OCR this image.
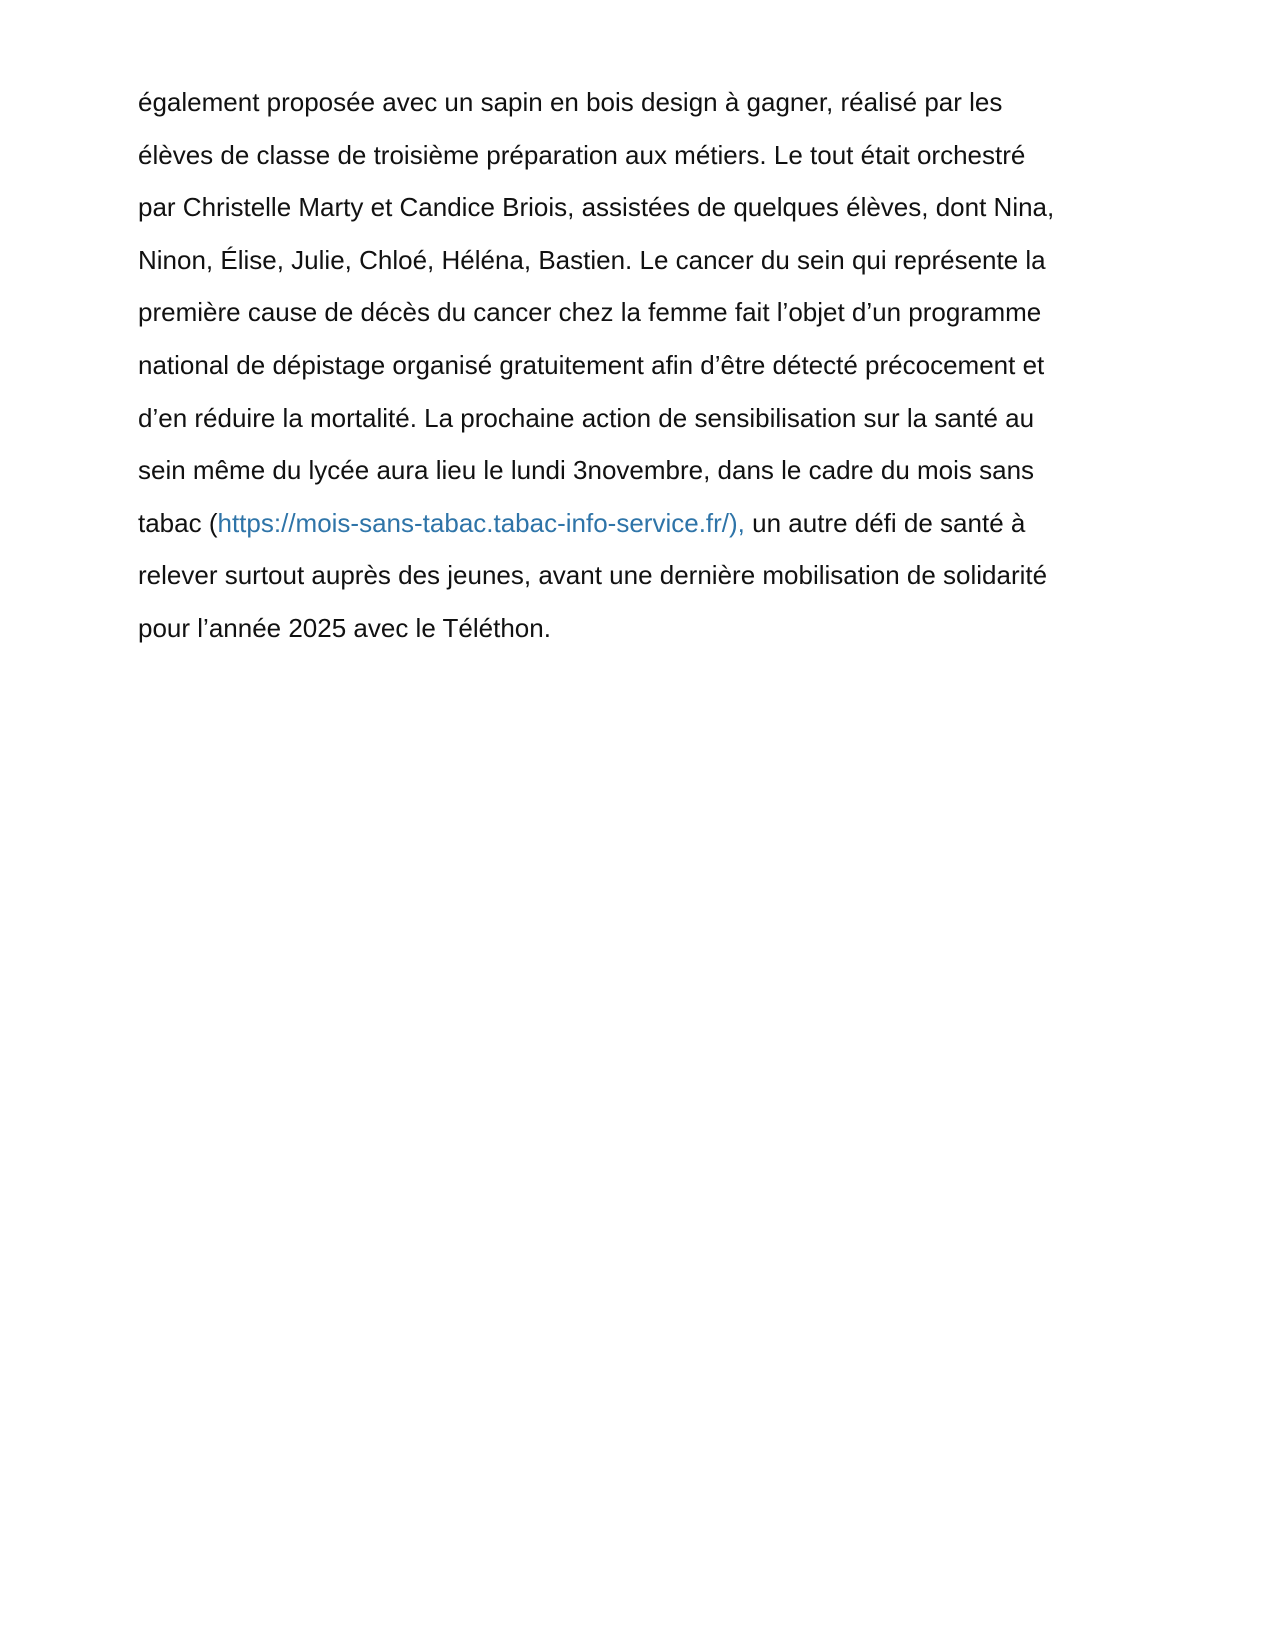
également proposée avec un sapin en bois design à gagner, réalisé par les
élèves de classe de troisième préparation aux métiers. Le tout était orchestré
par Christelle Marty et Candice Briois, assistées de quelques élèves, dont Nina,
Ninon, Élise, Julie, Chloé, Héléna, Bastien. Le cancer du sein qui représente la
première cause de décès du cancer chez la femme fait l’objet d’un programme
national de dépistage organisé gratuitement afin d’être détecté précocement et
d’en réduire la mortalité. La prochaine action de sensibilisation sur la santé au
sein même du lycée aura lieu le lundi 3novembre, dans le cadre du mois sans
tabac (https://mois-sans-tabac.tabac-info-service.fr/), un autre défi de santé à
relever surtout auprès des jeunes, avant une dernière mobilisation de solidarité
pour l’année 2025 avec le Téléthon.
